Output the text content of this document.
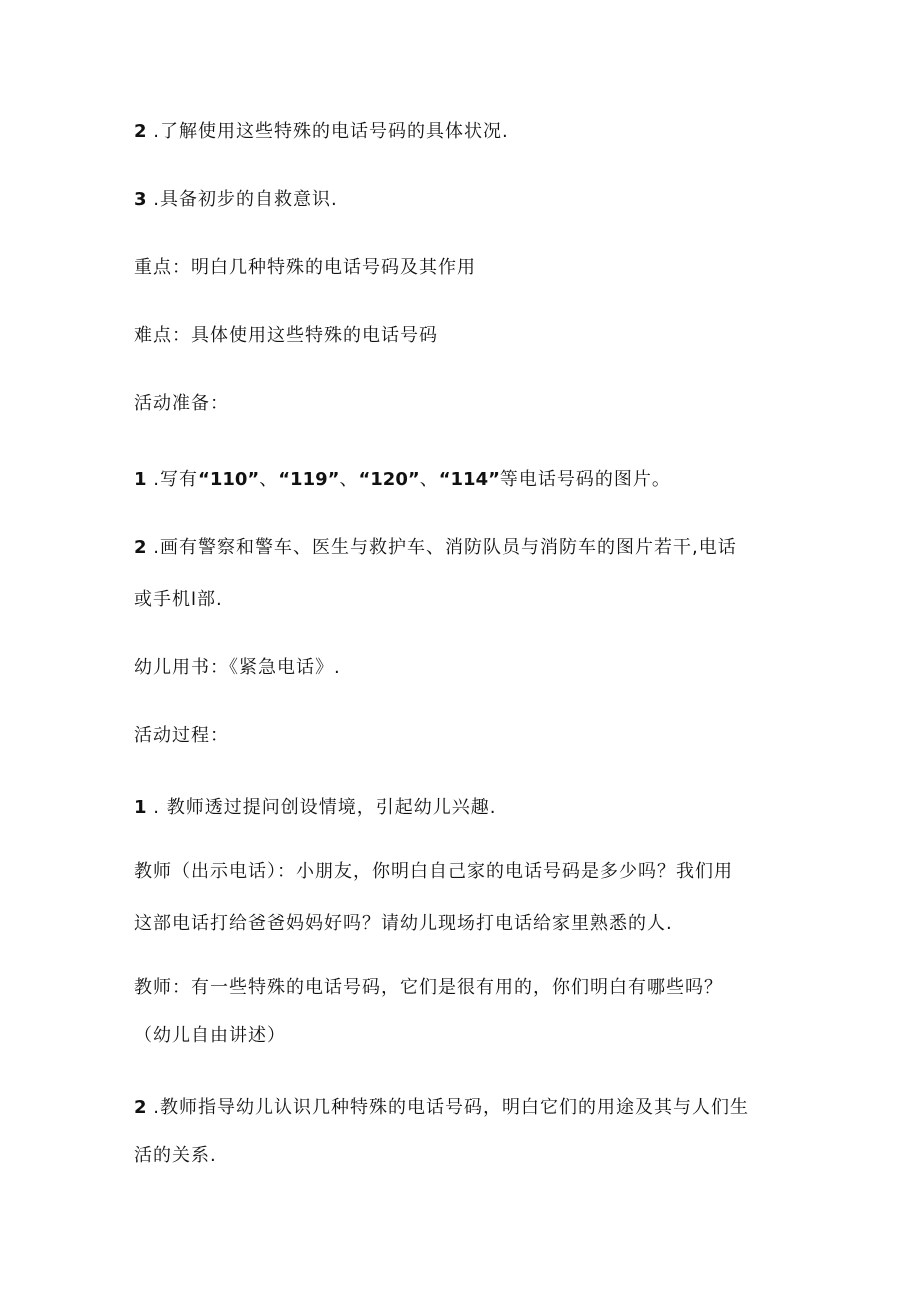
2 .了解使用这些特殊的电话号码的具体状况.
3 .具备初步的自救意识.
重点：明白几种特殊的电话号码及其作用
难点：具体使用这些特殊的电话号码
活动准备：
1 .写有“110”、“119”、“120”、“114”等电话号码的图片。
2 .画有警察和警车、医生与救护车、消防队员与消防车的图片若干,电话
或手机l部.
幼儿用书：《紧急电话》.
活动过程：
1 . 教师透过提问创设情境，引起幼儿兴趣.
教师（出示电话）：小朋友，你明白自己家的电话号码是多少吗？我们用
这部电话打给爸爸妈妈好吗？请幼儿现场打电话给家里熟悉的人.
教师：有一些特殊的电话号码，它们是很有用的，你们明白有哪些吗？
（幼儿自由讲述）
2 .教师指导幼儿认识几种特殊的电话号码，明白它们的用途及其与人们生
活的关系.
